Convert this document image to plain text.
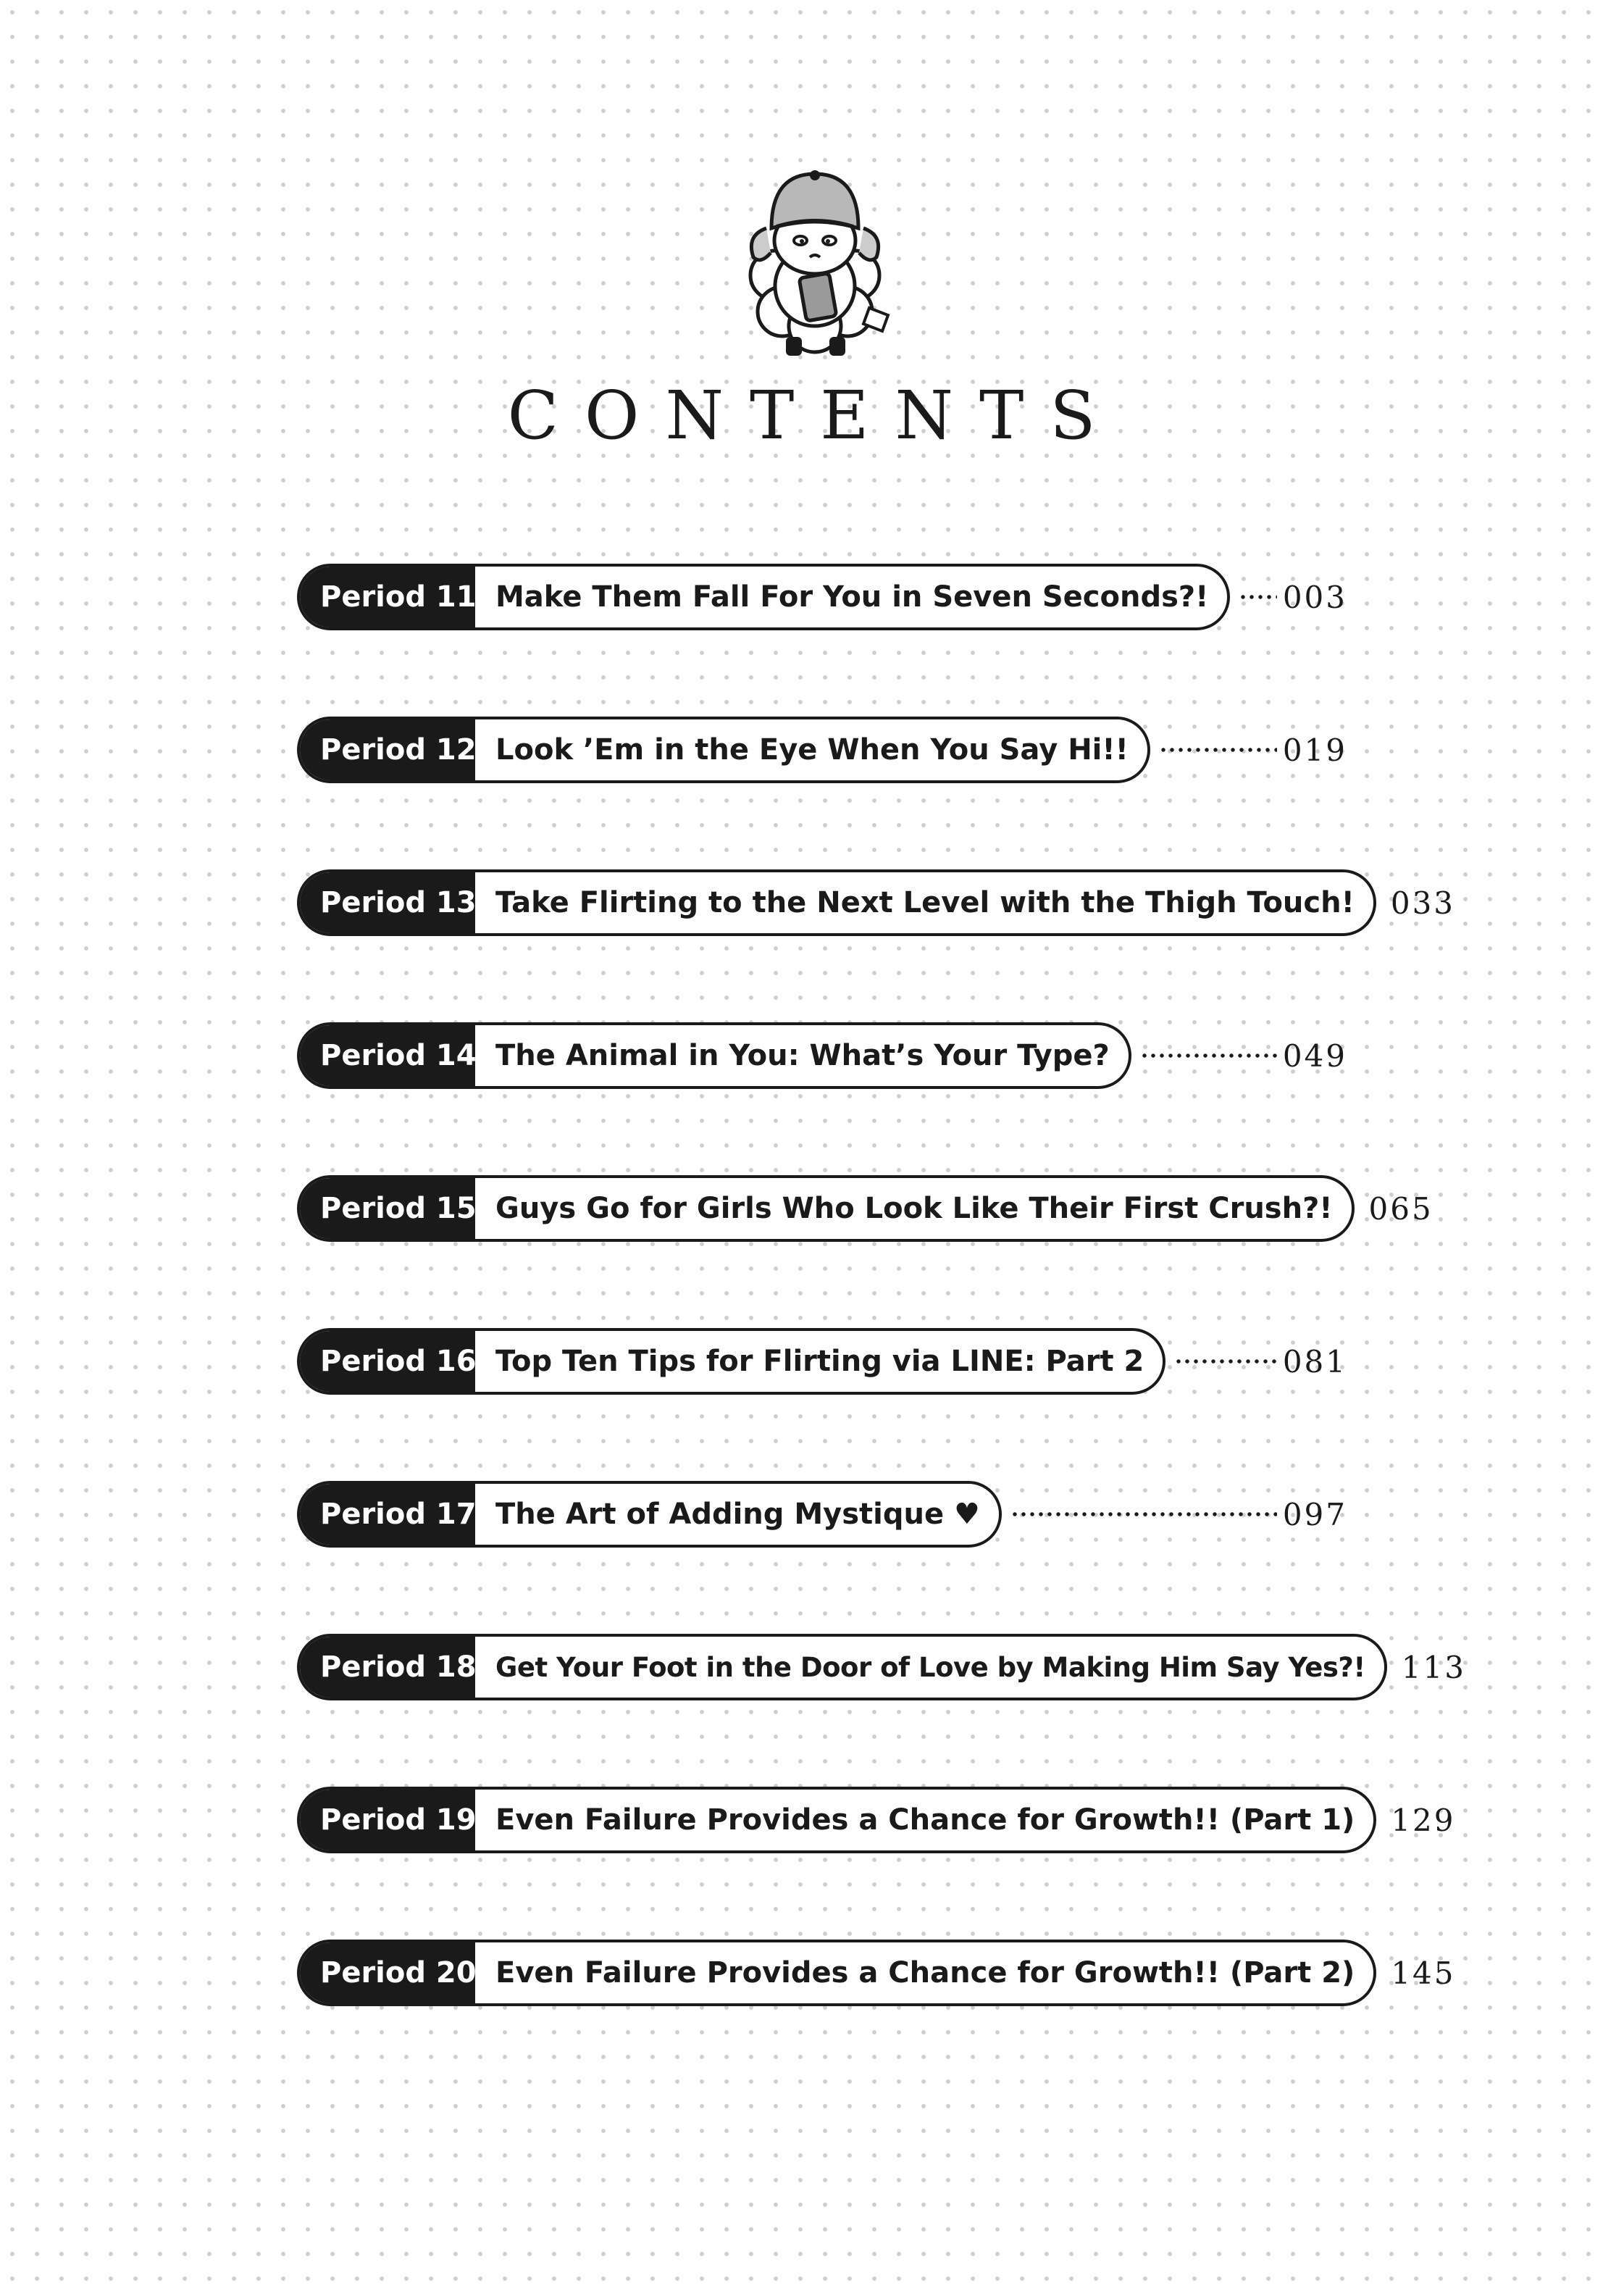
CONTENTS
Period 11 Make Them Fall For You in Seven Seconds?!	003
Period 12 Look ’Em in the Eye When You Say Hi!!	019
Period 13 Take Flirting to the Next Level with the Thigh Touch!	033
Period 14 The Animal in You: What’s Your Type?	049
Period 15 Guys Go for Girls Who Look Like Their First Crush?!	065
Period 16 Top Ten Tips for Flirting via LINE: Part 2	081
Period 17 The Art of Adding Mystique ♥	097
Period 18 Get Your Foot in the Door of Love by Making Him Say Yes?!	113
Period 19 Even Failure Provides a Chance for Growth!! (Part 1)	129
Period 20 Even Failure Provides a Chance for Growth!! (Part 2)	145
